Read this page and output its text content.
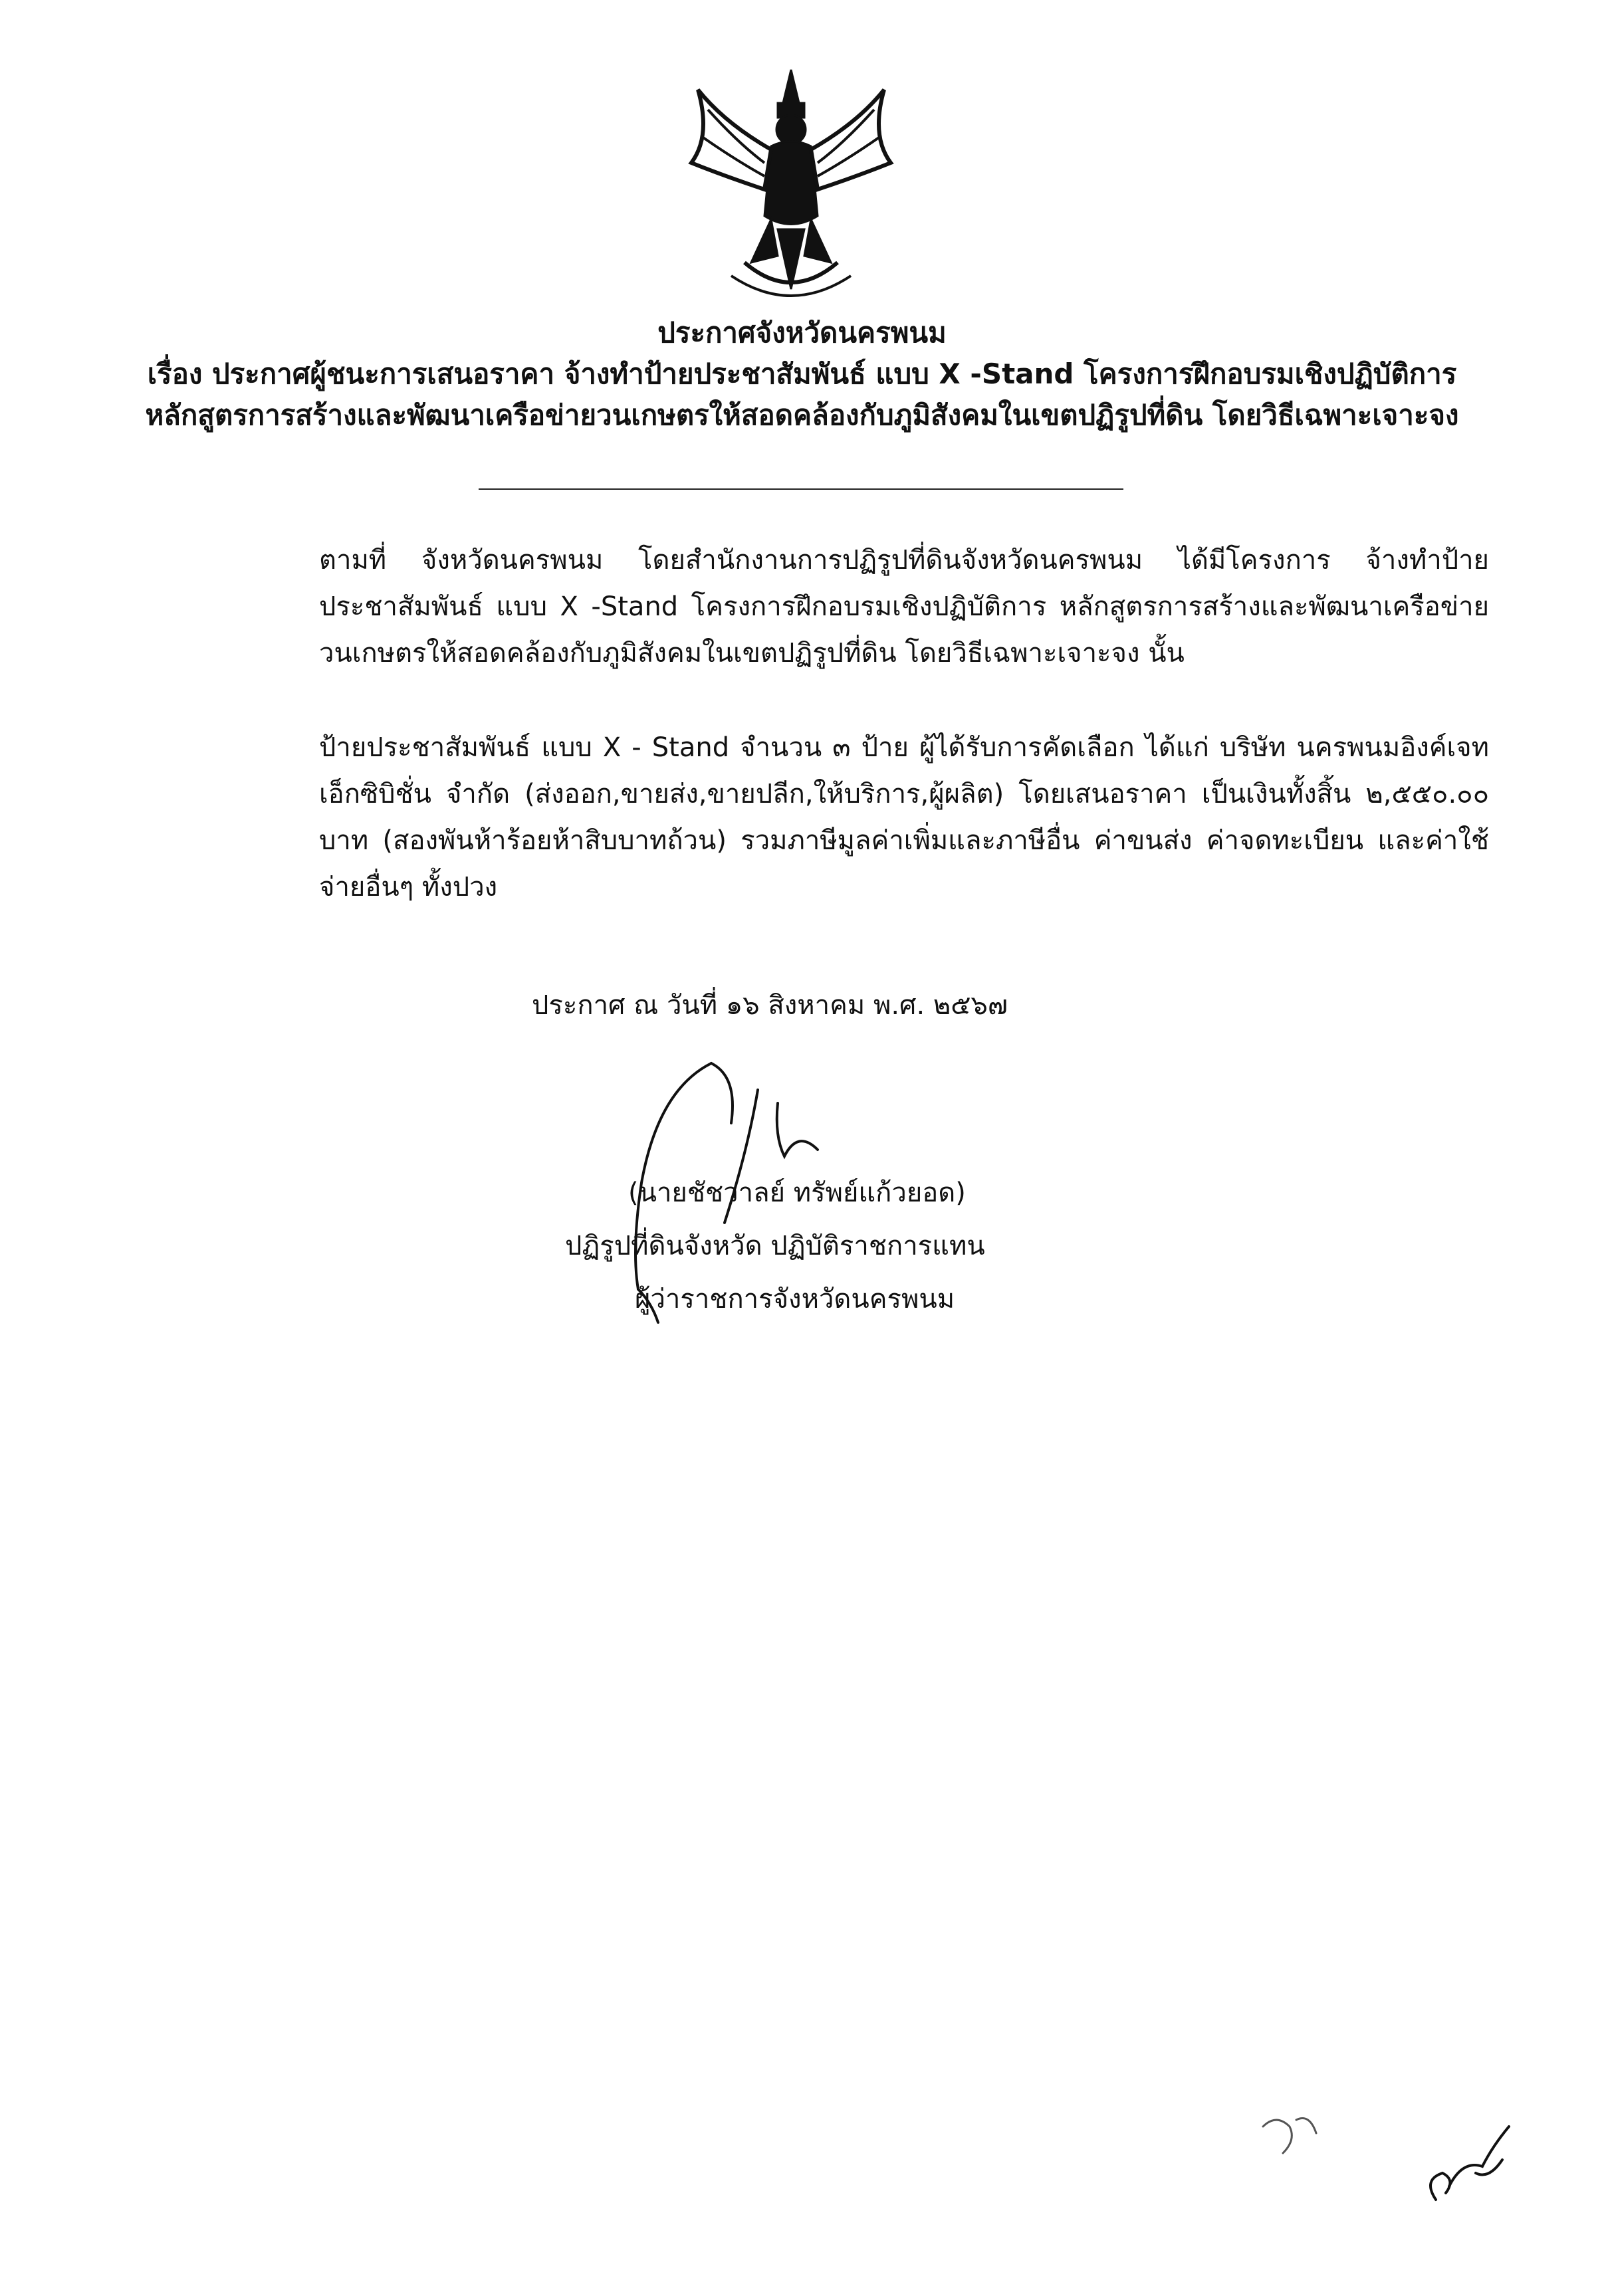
ประกาศจังหวัดนครพนม
เรื่อง ประกาศผู้ชนะการเสนอราคา จ้างทำป้ายประชาสัมพันธ์ แบบ X -Stand โครงการฝึกอบรมเชิงปฏิบัติการ
หลักสูตรการสร้างและพัฒนาเครือข่ายวนเกษตรให้สอดคล้องกับภูมิสังคมในเขตปฏิรูปที่ดิน โดยวิธีเฉพาะเจาะจง
ตามที่ จังหวัดนครพนม โดยสำนักงานการปฏิรูปที่ดินจังหวัดนครพนม ได้มีโครงการ จ้างทำป้ายประชาสัมพันธ์ แบบ X -Stand โครงการฝึกอบรมเชิงปฏิบัติการ หลักสูตรการสร้างและพัฒนาเครือข่ายวนเกษตรให้สอดคล้องกับภูมิสังคมในเขตปฏิรูปที่ดิน โดยวิธีเฉพาะเจาะจง นั้น
ป้ายประชาสัมพันธ์ แบบ X - Stand จำนวน ๓ ป้าย ผู้ได้รับการคัดเลือก ได้แก่ บริษัท นครพนมอิงค์เจท เอ็กซิบิชั่น จำกัด (ส่งออก,ขายส่ง,ขายปลีก,ให้บริการ,ผู้ผลิต) โดยเสนอราคา เป็นเงินทั้งสิ้น ๒,๕๕๐.๐๐ บาท (สองพันห้าร้อยห้าสิบบาทถ้วน) รวมภาษีมูลค่าเพิ่มและภาษีอื่น ค่าขนส่ง ค่าจดทะเบียน และค่าใช้จ่ายอื่นๆ ทั้งปวง
ประกาศ ณ วันที่ ๑๖ สิงหาคม พ.ศ. ๒๕๖๗
(นายชัชวาลย์ ทรัพย์แก้วยอด)
ปฏิรูปที่ดินจังหวัด ปฏิบัติราชการแทน
ผู้ว่าราชการจังหวัดนครพนม
